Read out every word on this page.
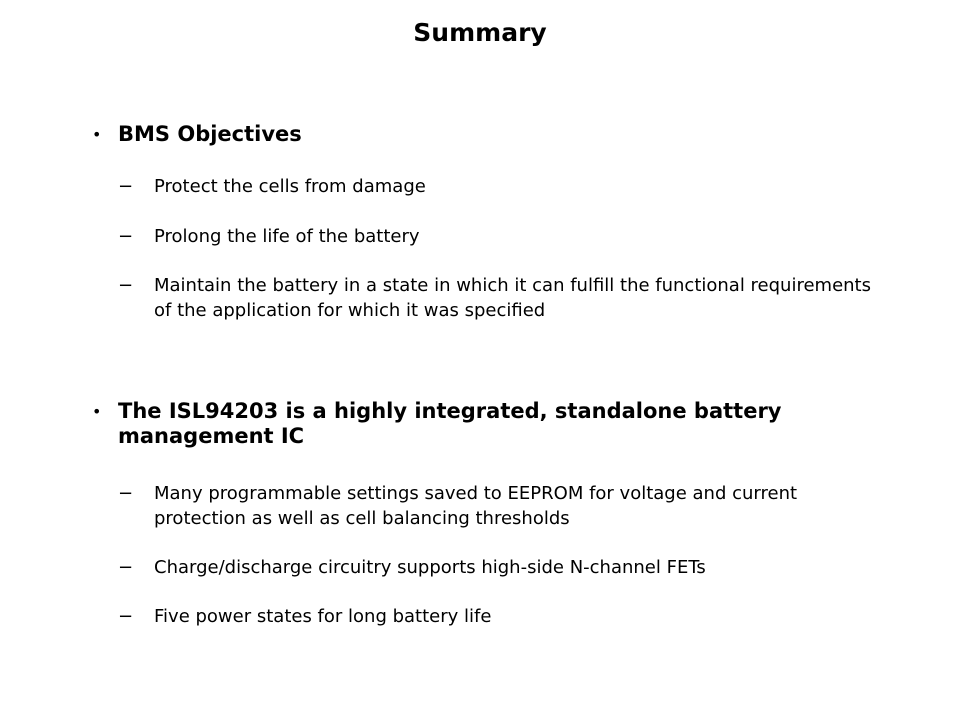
Summary
• BMS Objectives
− Protect the cells from damage
− Prolong the life of the battery
− Maintain the battery in a state in which it can fulfill the functional requirements of the application for which it was specified
• The ISL94203 is a highly integrated, standalone battery management IC
− Many programmable settings saved to EEPROM for voltage and current protection as well as cell balancing thresholds
− Charge/discharge circuitry supports high-side N-channel FETs
− Five power states for long battery life
